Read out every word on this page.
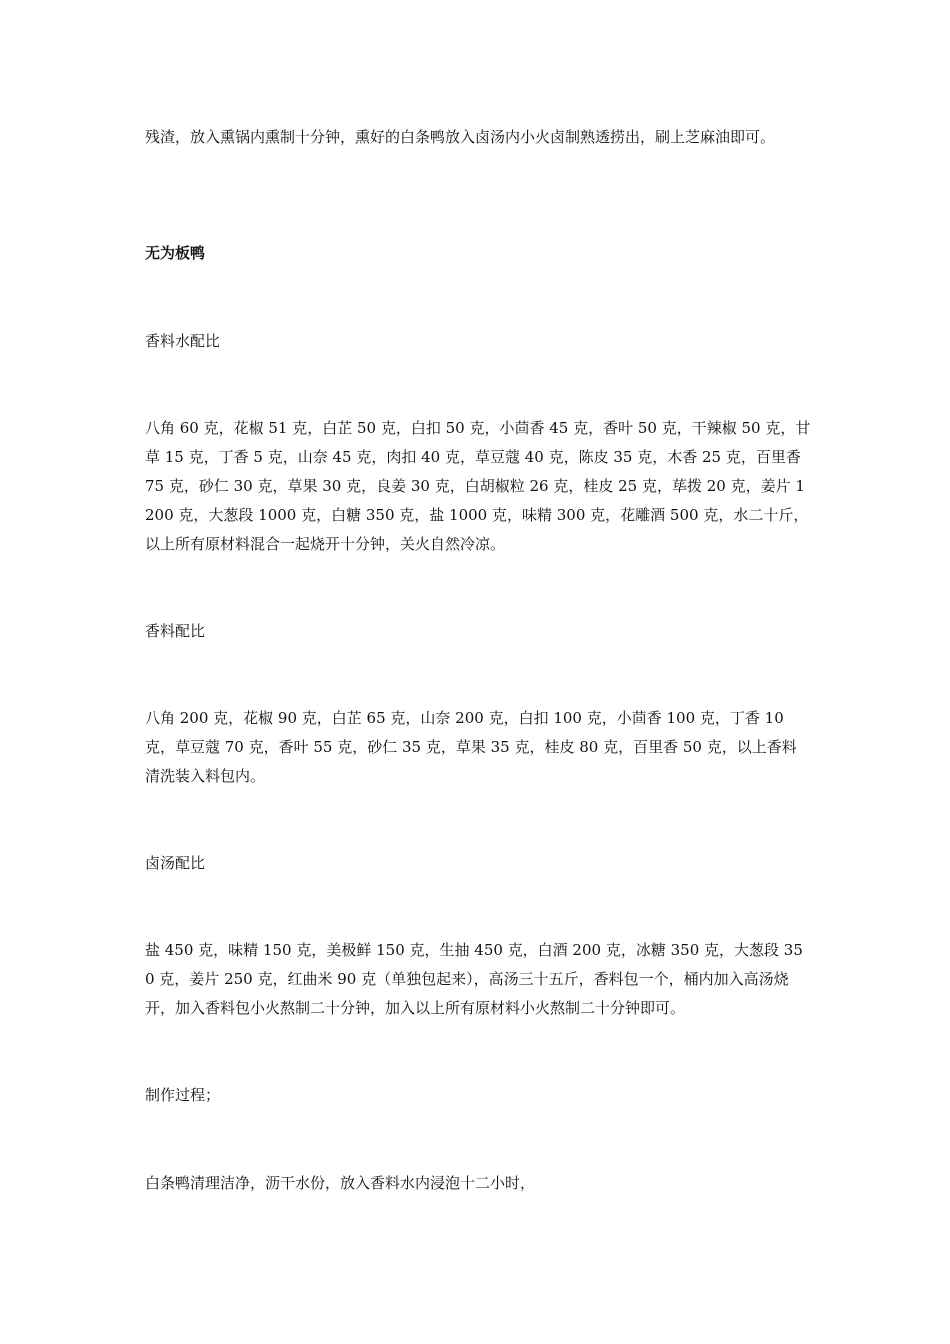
残渣，放入熏锅内熏制十分钟，熏好的白条鸭放入卤汤内小火卤制熟透捞出，刷上芝麻油即可。

无为板鸭

香料水配比

八角 60 克，花椒 51 克，白芷 50 克，白扣 50 克，小茴香 45 克，香叶 50 克，干辣椒 50 克，甘草 15 克，丁香 5 克，山奈 45 克，肉扣 40 克，草豆蔻 40 克，陈皮 35 克，木香 25 克，百里香 75 克，砂仁 30 克，草果 30 克，良姜 30 克，白胡椒粒 26 克，桂皮 25 克，荜拨 20 克，姜片 1200 克，大葱段 1000 克，白糖 350 克，盐 1000 克，味精 300 克，花雕酒 500 克，水二十斤，以上所有原材料混合一起烧开十分钟，关火自然冷凉。

香料配比

八角 200 克，花椒 90 克，白芷 65 克，山奈 200 克，白扣 100 克，小茴香 100 克，丁香 10 克，草豆蔻 70 克，香叶 55 克，砂仁 35 克，草果 35 克，桂皮 80 克，百里香 50 克，以上香料清洗装入料包内。

卤汤配比

盐 450 克，味精 150 克，美极鲜 150 克，生抽 450 克，白酒 200 克，冰糖 350 克，大葱段 350 克，姜片 250 克，红曲米 90 克（单独包起来），高汤三十五斤，香料包一个，桶内加入高汤烧开，加入香料包小火熬制二十分钟，加入以上所有原材料小火熬制二十分钟即可。

制作过程；

白条鸭清理洁净，沥干水份，放入香料水内浸泡十二小时，
